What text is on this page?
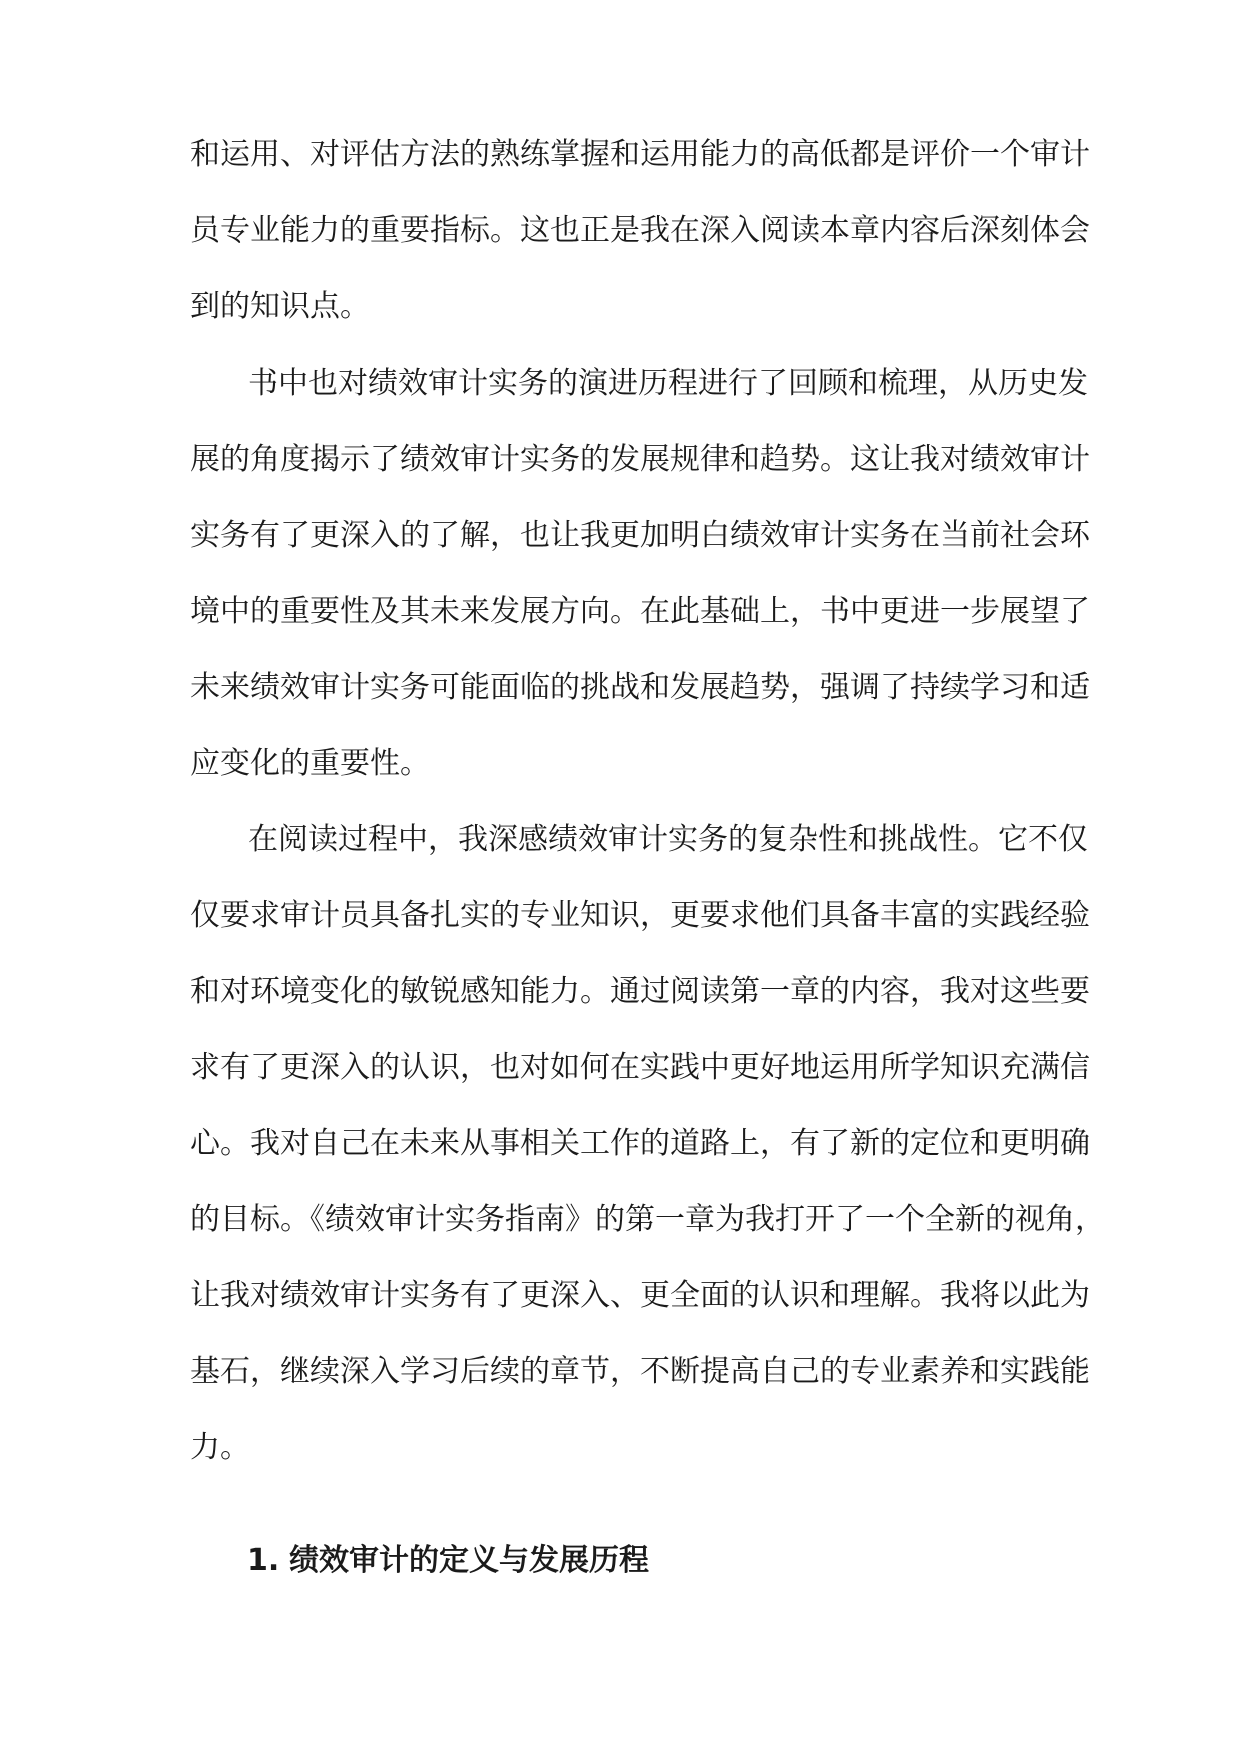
和运用、对评估方法的熟练掌握和运用能力的高低都是评价一个审计
员专业能力的重要指标。这也正是我在深入阅读本章内容后深刻体会
到的知识点。
书中也对绩效审计实务的演进历程进行了回顾和梳理，从历史发
展的角度揭示了绩效审计实务的发展规律和趋势。这让我对绩效审计
实务有了更深入的了解，也让我更加明白绩效审计实务在当前社会环
境中的重要性及其未来发展方向。在此基础上，书中更进一步展望了
未来绩效审计实务可能面临的挑战和发展趋势，强调了持续学习和适
应变化的重要性。
在阅读过程中，我深感绩效审计实务的复杂性和挑战性。它不仅
仅要求审计员具备扎实的专业知识，更要求他们具备丰富的实践经验
和对环境变化的敏锐感知能力。通过阅读第一章的内容，我对这些要
求有了更深入的认识，也对如何在实践中更好地运用所学知识充满信
心。我对自己在未来从事相关工作的道路上，有了新的定位和更明确
的目标。《绩效审计实务指南》的第一章为我打开了一个全新的视角，
让我对绩效审计实务有了更深入、更全面的认识和理解。我将以此为
基石，继续深入学习后续的章节，不断提高自己的专业素养和实践能
力。
1. 绩效审计的定义与发展历程
